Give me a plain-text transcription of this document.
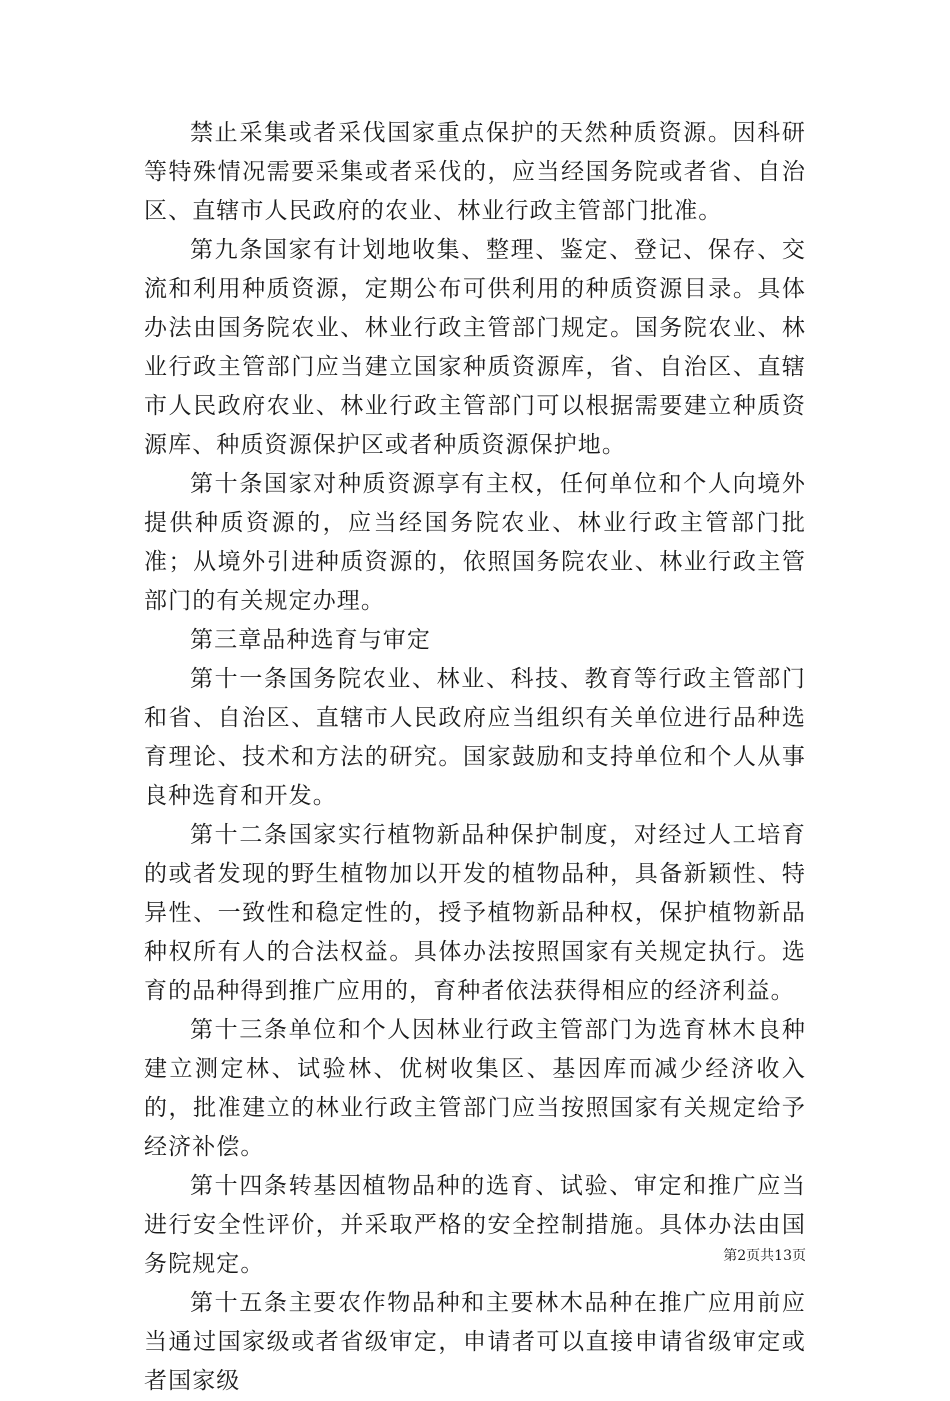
禁止采集或者采伐国家重点保护的天然种质资源。因科研等特殊情况需要采集或者采伐的，应当经国务院或者省、自治区、直辖市人民政府的农业、林业行政主管部门批准。

第九条国家有计划地收集、整理、鉴定、登记、保存、交流和利用种质资源，定期公布可供利用的种质资源目录。具体办法由国务院农业、林业行政主管部门规定。国务院农业、林业行政主管部门应当建立国家种质资源库，省、自治区、直辖市人民政府农业、林业行政主管部门可以根据需要建立种质资源库、种质资源保护区或者种质资源保护地。

第十条国家对种质资源享有主权，任何单位和个人向境外提供种质资源的，应当经国务院农业、林业行政主管部门批准；从境外引进种质资源的，依照国务院农业、林业行政主管部门的有关规定办理。

第三章品种选育与审定

第十一条国务院农业、林业、科技、教育等行政主管部门和省、自治区、直辖市人民政府应当组织有关单位进行品种选育理论、技术和方法的研究。国家鼓励和支持单位和个人从事良种选育和开发。

第十二条国家实行植物新品种保护制度，对经过人工培育的或者发现的野生植物加以开发的植物品种，具备新颖性、特异性、一致性和稳定性的，授予植物新品种权，保护植物新品种权所有人的合法权益。具体办法按照国家有关规定执行。选育的品种得到推广应用的，育种者依法获得相应的经济利益。

第十三条单位和个人因林业行政主管部门为选育林木良种建立测定林、试验林、优树收集区、基因库而减少经济收入的，批准建立的林业行政主管部门应当按照国家有关规定给予经济补偿。

第十四条转基因植物品种的选育、试验、审定和推广应当进行安全性评价，并采取严格的安全控制措施。具体办法由国务院规定。

第十五条主要农作物品种和主要林木品种在推广应用前应当通过国家级或者省级审定，申请者可以直接申请省级审定或者国家级

第2页共13页
